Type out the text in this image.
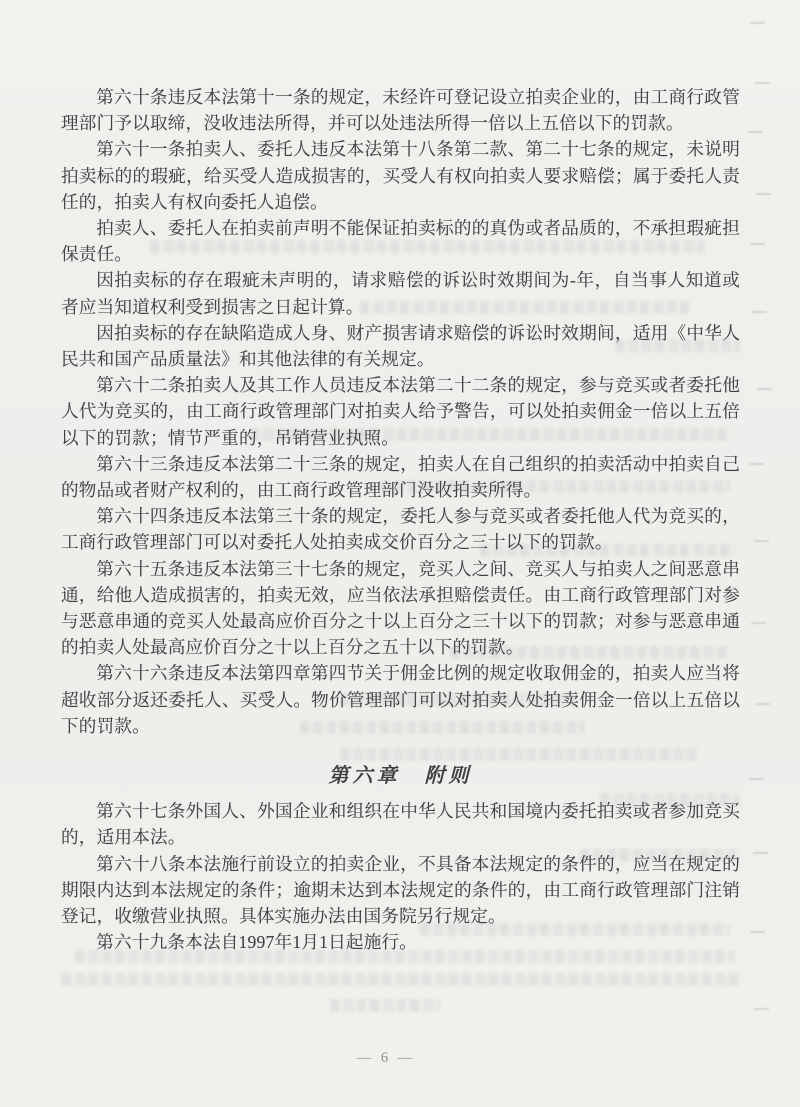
第六十条违反本法第十一条的规定，未经许可登记设立拍卖企业的，由工商行政管理部门予以取缔，没收违法所得，并可以处违法所得一倍以上五倍以下的罚款。

第六十一条拍卖人、委托人违反本法第十八条第二款、第二十七条的规定，未说明拍卖标的的瑕疵，给买受人造成损害的，买受人有权向拍卖人要求赔偿；属于委托人责任的，拍卖人有权向委托人追偿。

拍卖人、委托人在拍卖前声明不能保证拍卖标的的真伪或者品质的，不承担瑕疵担保责任。

因拍卖标的存在瑕疵未声明的，请求赔偿的诉讼时效期间为-年，自当事人知道或者应当知道权利受到损害之日起计算。

因拍卖标的存在缺陷造成人身、财产损害请求赔偿的诉讼时效期间，适用《中华人民共和国产品质量法》和其他法律的有关规定。

第六十二条拍卖人及其工作人员违反本法第二十二条的规定，参与竞买或者委托他人代为竞买的，由工商行政管理部门对拍卖人给予警告，可以处拍卖佣金一倍以上五倍以下的罚款；情节严重的，吊销营业执照。

第六十三条违反本法第二十三条的规定，拍卖人在自己组织的拍卖活动中拍卖自己的物品或者财产权利的，由工商行政管理部门没收拍卖所得。

第六十四条违反本法第三十条的规定，委托人参与竞买或者委托他人代为竞买的，工商行政管理部门可以对委托人处拍卖成交价百分之三十以下的罚款。

第六十五条违反本法第三十七条的规定，竞买人之间、竞买人与拍卖人之间恶意串通，给他人造成损害的，拍卖无效，应当依法承担赔偿责任。由工商行政管理部门对参与恶意串通的竞买人处最高应价百分之十以上百分之三十以下的罚款；对参与恶意串通的拍卖人处最高应价百分之十以上百分之五十以下的罚款。

第六十六条违反本法第四章第四节关于佣金比例的规定收取佣金的，拍卖人应当将超收部分返还委托人、买受人。物价管理部门可以对拍卖人处拍卖佣金一倍以上五倍以下的罚款。

第六章　附则

第六十七条外国人、外国企业和组织在中华人民共和国境内委托拍卖或者参加竞买的，适用本法。

第六十八条本法施行前设立的拍卖企业，不具备本法规定的条件的，应当在规定的期限内达到本法规定的条件；逾期未达到本法规定的条件的，由工商行政管理部门注销登记，收缴营业执照。具体实施办法由国务院另行规定。

第六十九条本法自1997年1月1日起施行。

— 6 —
